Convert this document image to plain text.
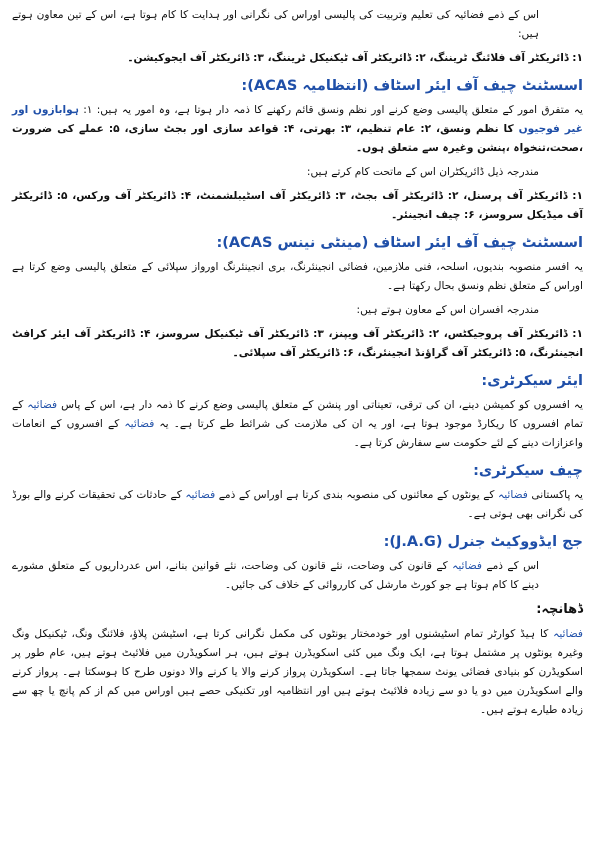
اس کے ذمے فضائیہ کی تعلیم وتربیت کی پالیسی اوراس کی نگرانی اور ہدایت کا کام ہوتا ہے، اس کے تین معاون ہوتے ہیں:

۱: ڈائریکٹر آف فلائنگ ٹریننگ، ۲: ڈائریکٹر آف ٹیکنیکل ٹریننگ، ۳: ڈائریکٹر آف ایجوکیشن۔

اسسٹنٹ چیف آف ایئر اسٹاف (انتظامیہ ACAS):

یہ متفرق امور کے متعلق پالیسی وضع کرنے اور نظم ونسق قائم رکھنے کا ذمہ دار ہوتا ہے، وہ امور یہ ہیں: ۱: ہوابازوں اور غیر فوجیوں کا نظم ونسق، ۲: عام تنظیم، ۳: بھرتی، ۴: قواعد سازی اور بجٹ سازی، ۵: عملے کی ضرورت ،صحت،تنخواہ ،پنشن وغیرہ سے متعلق ہوں۔

مندرجہ ذیل ڈائریکٹران اس کے ماتحت کام کرتے ہیں:

۱: ڈائریکٹر آف پرسنل، ۲: ڈائریکٹر آف بجٹ، ۳: ڈائریکٹر آف اسٹیبلشمنٹ، ۴: ڈائریکٹر آف ورکس، ۵: ڈائریکٹر آف میڈیکل سروسز، ۶: چیف انجینئر۔

اسسٹنٹ چیف آف ایئر اسٹاف (مینٹی نینس ACAS):

یہ افسر منصوبہ بندیوں، اسلحہ، فنی ملازمین، فضائی انجینئرنگ، بری انجینئرنگ اورواز سپلائی کے متعلق پالیسی وضع کرتا ہے اوراس کے متعلق نظم ونسق بحال رکھتا ہے۔

مندرجہ افسران اس کے معاون ہوتے ہیں:

۱: ڈائریکٹر آف پروجیکٹس، ۲: ڈائریکٹر آف ویپنز، ۳: ڈائریکٹر آف ٹیکنیکل سروسز، ۴: ڈائریکٹر آف ایئر کرافٹ انجینئرنگ، ۵: ڈائریکٹر آف گراؤنڈ انجینئرنگ، ۶: ڈائریکٹر آف سپلائی۔

ایئر سیکرٹری:

یہ افسروں کو کمیشن دینے، ان کی ترقی، تعیناتی اور پنشن کے متعلق پالیسی وضع کرنے کا ذمہ دار ہے، اس کے پاس فضائیہ کے تمام افسروں کا ریکارڈ موجود ہوتا ہے، اور یہ ان کی ملازمت کی شرائط طے کرتا ہے۔ یہ فضائیہ کے افسروں کے انعامات واعزازات دینے کے لئے حکومت سے سفارش کرتا ہے۔

چیف سیکرٹری:

یہ پاکستانی فضائیہ کے یونٹوں کے معائنوں کی منصوبہ بندی کرتا ہے اوراس کے ذمے فضائیہ کے حادثات کی تحقیقات کرنے والے بورڈ کی نگرانی بھی ہوتی ہے۔

جج ایڈووکیٹ جنرل (J.A.G):

اس کے ذمے فضائیہ کے قانون کی وضاحت، نئے قانون کی وضاحت، نئے قوانین بنانے، اس عدرداریوں کے متعلق مشورے دینے کا کام ہوتا ہے جو کورٹ مارشل کی کارروائی کے خلاف کی جائیں۔

ڈھانچہ:

فضائیہ کا ہیڈ کوارٹر تمام اسٹیشنوں اور خودمختار یونٹوں کی مکمل نگرانی کرتا ہے، اسٹیشن پلاؤ، فلائنگ ونگ، ٹیکنیکل ونگ وغیرہ یونٹوں پر مشتمل ہوتا ہے، ایک ونگ میں کئی اسکویڈرن ہوتے ہیں، ہر اسکویڈرن میں فلائیٹ ہوتے ہیں، عام طور پر اسکویڈرن کو بنیادی فضائی یونٹ سمجھا جاتا ہے۔ اسکویڈرن پرواز کرنے والا یا کرنے والا دونوں طرح کا ہوسکتا ہے۔ پرواز کرنے والے اسکویڈرن میں دو یا دو سے زیادہ فلائیٹ ہوتے ہیں اور انتظامیہ اور تکنیکی حصے ہیں اوراس میں کم از کم پانچ یا چھ سے زیادہ طیارے ہوتے ہیں۔
